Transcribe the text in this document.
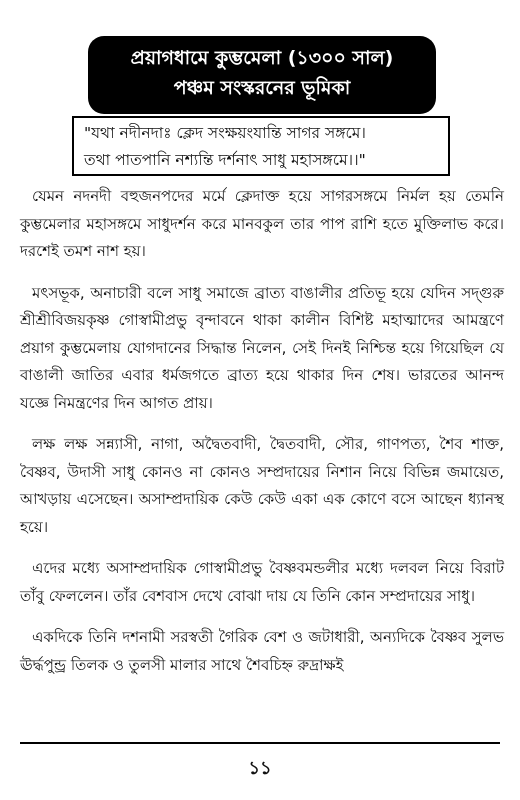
প্রয়াগধামে কুম্ভমেলা (১৩০০ সাল)
পঞ্চম সংস্করনের ভূমিকা
"যথা নদীনদাঃ ক্লেদ সংক্ষয়ংযান্তি সাগর সঙ্গমে।
তথা পাতপানি নশ্যন্তি দর্শনাৎ সাধু মহাসঙ্গমে।।"

যেমন নদনদী বহুজনপদের মর্মে ক্লেদাক্ত হয়ে সাগরসঙ্গমে নির্মল হয় তেমনি কুম্ভমেলার মহাসঙ্গমে সাধুদর্শন করে মানবকুল তার পাপ রাশি হতে মুক্তিলাভ করে। দরশেই তমশ নাশ হয়।

মৎসভূক, অনাচারী বলে সাধু সমাজে ব্রাত্য বাঙালীর প্রতিভূ হয়ে যেদিন সদ্গুরু শ্রীশ্রীবিজয়কৃষ্ণ গোস্বামীপ্রভু বৃন্দাবনে থাকা কালীন বিশিষ্ট মহাত্মাদের আমন্ত্রণে প্রয়াগ কুম্ভমেলায় যোগদানের সিদ্ধান্ত নিলেন, সেই দিনই নিশ্চিন্ত হয়ে গিয়েছিল যে বাঙালী জাতির এবার ধর্মজগতে ব্রাত্য হয়ে থাকার দিন শেষ। ভারতের আনন্দ যজ্ঞে নিমন্ত্রণের দিন আগত প্রায়।

লক্ষ লক্ষ সন্ন্যাসী, নাগা, অদ্বৈতবাদী, দ্বৈতবাদী, সৌর, গাণপত্য, শৈব শাক্ত, বৈষ্ণব, উদাসী সাধু কোনও না কোনও সম্প্রদায়ের নিশান নিয়ে বিভিন্ন জমায়েত, আখড়ায় এসেছেন। অসাম্প্রদায়িক কেউ কেউ একা এক কোণে বসে আছেন ধ্যানস্থ হয়ে।

এদের মধ্যে অসাম্প্রদায়িক গোস্বামীপ্রভু বৈষ্ণবমন্ডলীর মধ্যে দলবল নিয়ে বিরাট তাঁবু ফেললেন। তাঁর বেশবাস দেখে বোঝা দায় যে তিনি কোন সম্প্রদায়ের সাধু।

একদিকে তিনি দশনামী সরস্বতী গৈরিক বেশ ও জটাধারী, অন্যদিকে বৈষ্ণব সুলভ ঊর্দ্ধপুন্ড্র তিলক ও তুলসী মালার সাথে শৈবচিহ্ন রুদ্রাক্ষই

১১
